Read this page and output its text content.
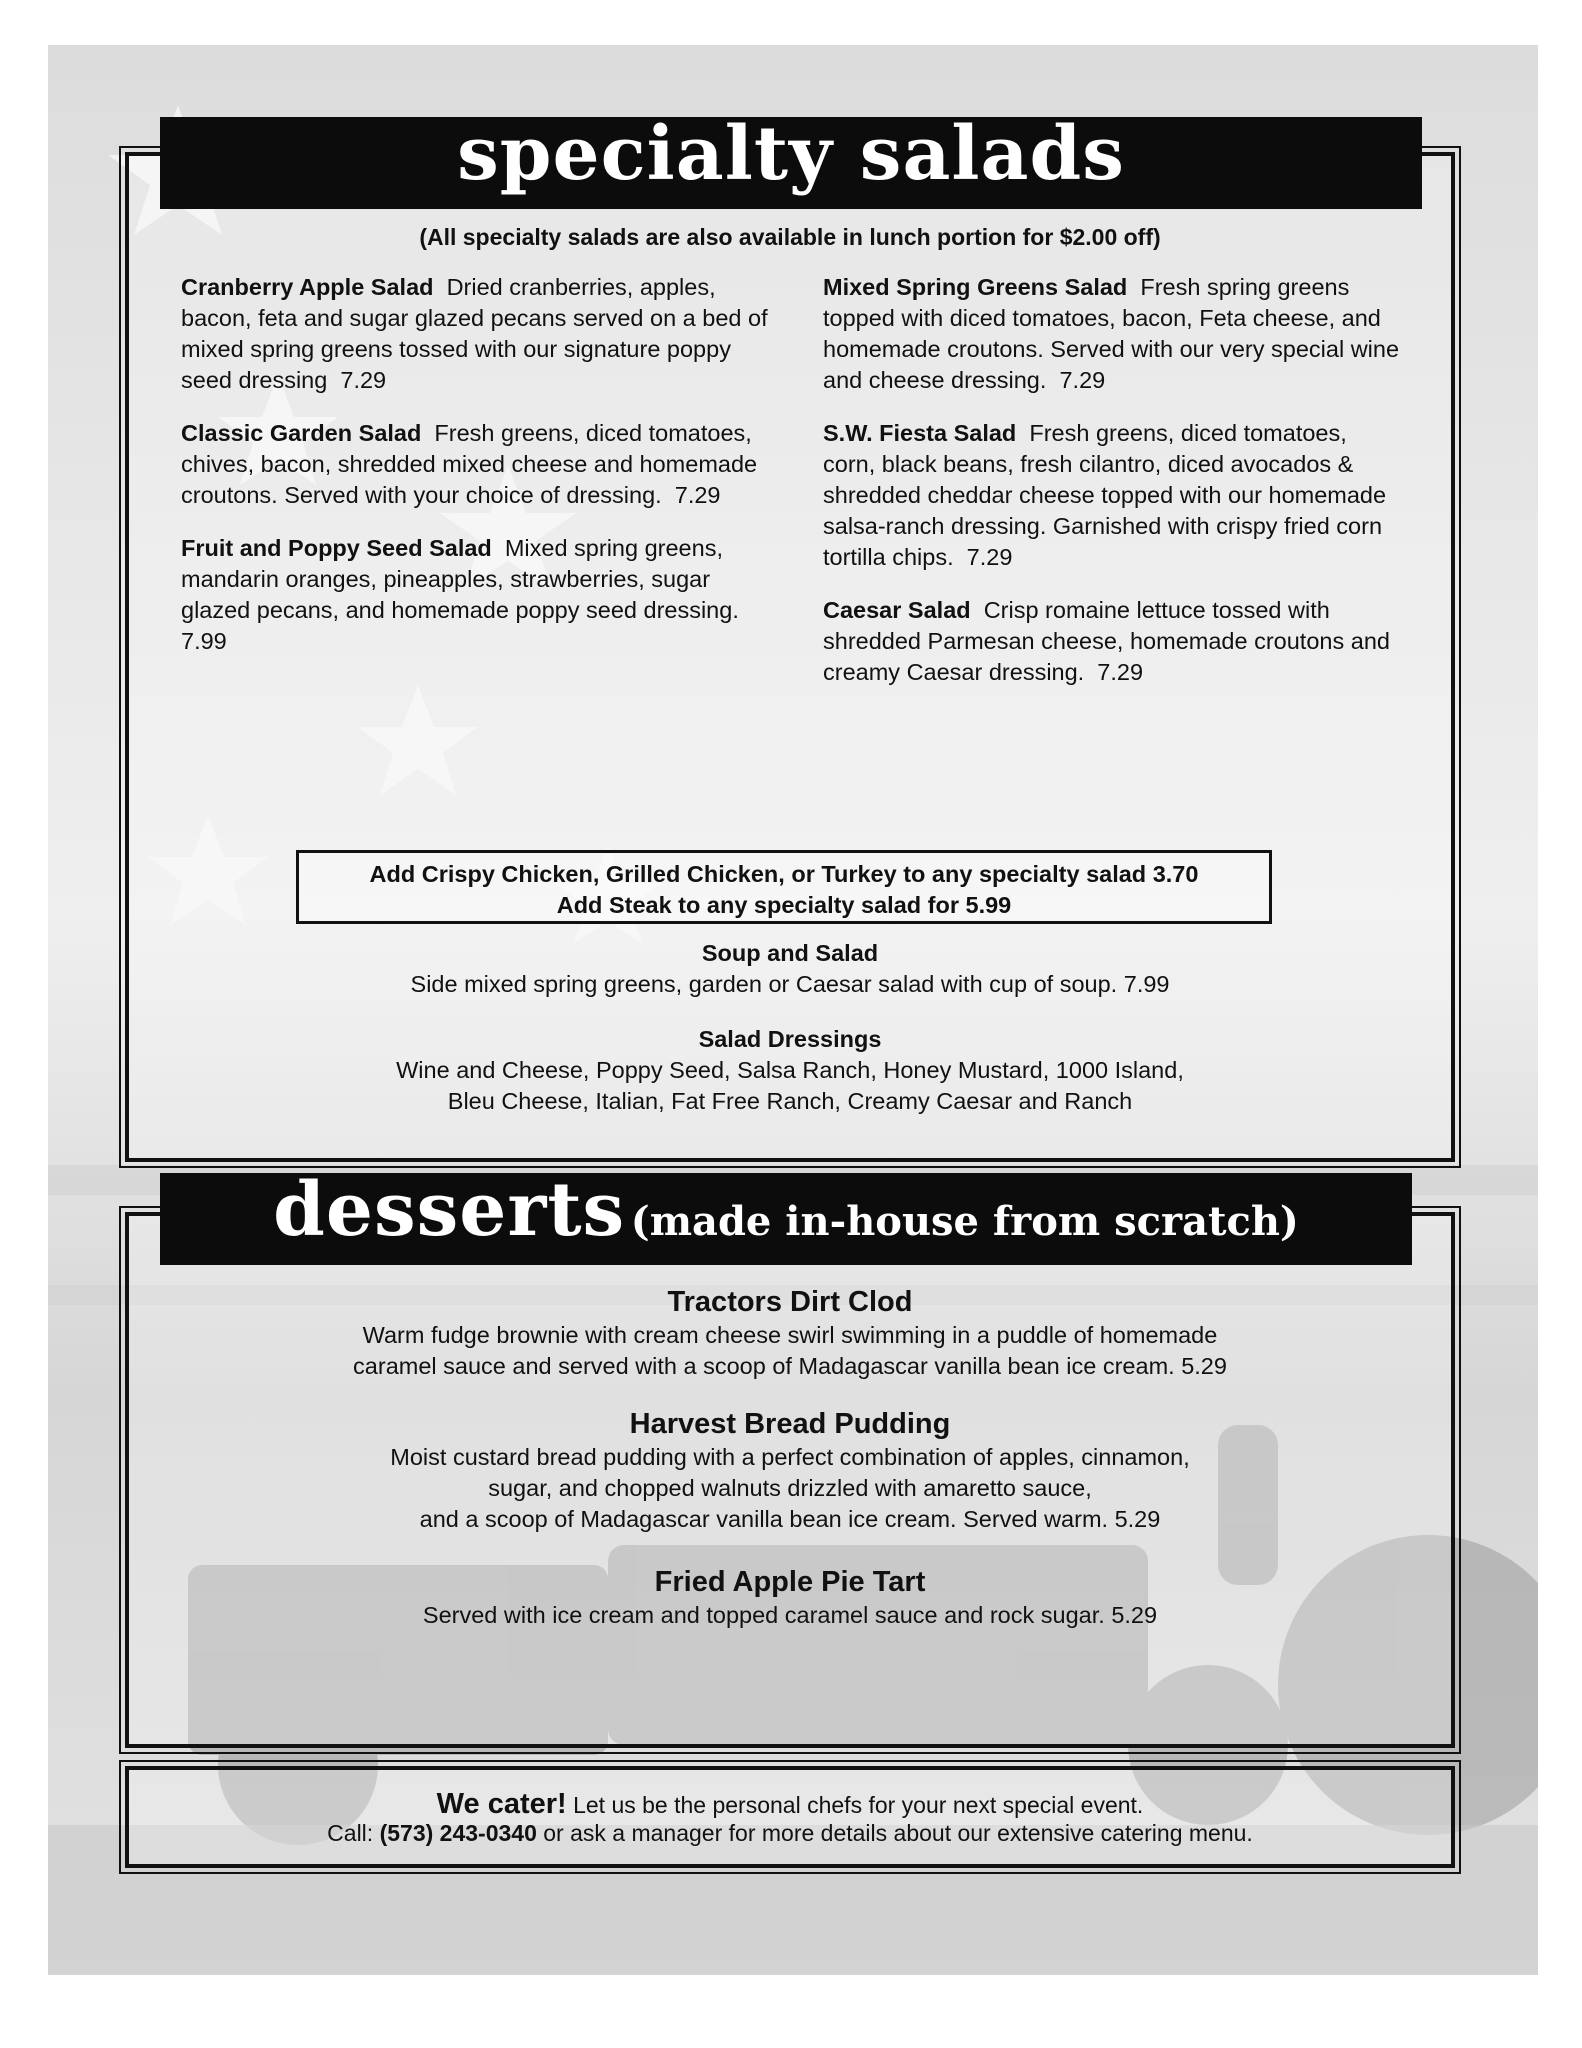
(All specialty salads are also available in lunch portion for $2.00 off)
Cranberry Apple Salad Dried cranberries, apples, bacon, feta and sugar glazed pecans served on a bed of mixed spring greens tossed with our signature poppy seed dressing 7.29
Classic Garden Salad Fresh greens, diced tomatoes, chives, bacon, shredded mixed cheese and homemade croutons. Served with your choice of dressing. 7.29
Fruit and Poppy Seed Salad Mixed spring greens, mandarin oranges, pineapples, strawberries, sugar glazed pecans, and homemade poppy seed dressing.  7.99
Mixed Spring Greens Salad Fresh spring greens topped with diced tomatoes, bacon, Feta cheese, and homemade croutons. Served with our very special wine and cheese dressing. 7.29
S.W. Fiesta Salad Fresh greens, diced tomatoes, corn, black beans, fresh cilantro, diced avocados & shredded cheddar cheese topped with our homemade salsa-ranch dressing. Garnished with crispy fried corn tortilla chips. 7.29
Caesar Salad Crisp romaine lettuce tossed with shredded Parmesan cheese, homemade croutons and creamy Caesar dressing. 7.29
Soup and Salad
Side mixed spring greens, garden or Caesar salad with cup of soup. 7.99
Salad Dressings
Wine and Cheese, Poppy Seed, Salsa Ranch, Honey Mustard, 1000 Island,
Bleu Cheese, Italian, Fat Free Ranch, Creamy Caesar and Ranch
Add Crispy Chicken, Grilled Chicken, or Turkey to any specialty salad 3.70
Add Steak to any specialty salad for 5.99
specialty salads
Tractors Dirt Clod
Warm fudge brownie with cream cheese swirl swimming in a puddle of homemade
caramel sauce and served with a scoop of Madagascar vanilla bean ice cream. 5.29
Harvest Bread Pudding
Moist custard bread pudding with a perfect combination of apples, cinnamon,
sugar, and chopped walnuts drizzled with amaretto sauce,
and a scoop of Madagascar vanilla bean ice cream. Served warm. 5.29
Fried Apple Pie Tart
Served with ice cream and topped caramel sauce and rock sugar. 5.29
desserts (made in-house from scratch)
We cater! Let us be the personal chefs for your next special event.
Call: (573) 243-0340 or ask a manager for more details about our extensive catering menu.
